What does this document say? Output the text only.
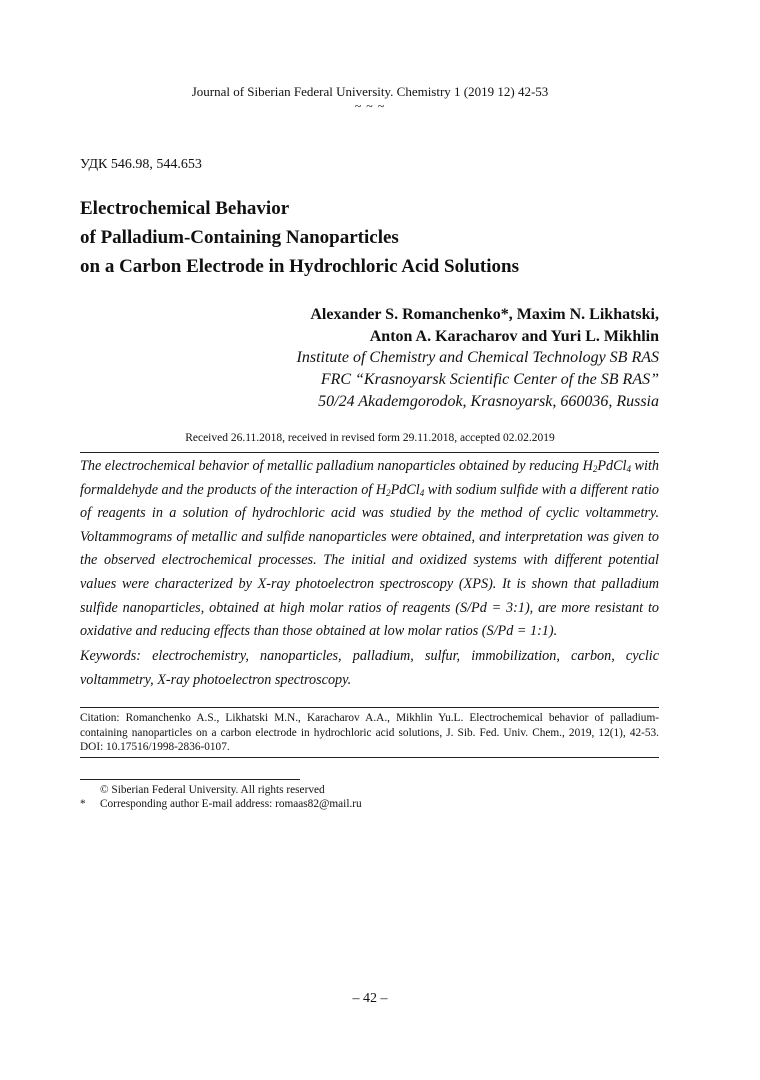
Journal of Siberian Federal University. Chemistry 1 (2019 12) 42-53
~ ~ ~
УДК 546.98, 544.653
Electrochemical Behavior
of Palladium-Containing Nanoparticles
on a Carbon Electrode in Hydrochloric Acid Solutions
Alexander S. Romanchenko*, Maxim N. Likhatski,
Anton A. Karacharov and Yuri L. Mikhlin
Institute of Chemistry and Chemical Technology SB RAS
FRC “Krasnoyarsk Scientific Center of the SB RAS”
50/24 Akademgorodok, Krasnoyarsk, 660036, Russia
Received 26.11.2018, received in revised form 29.11.2018, accepted 02.02.2019
The electrochemical behavior of metallic palladium nanoparticles obtained by reducing $H_2PdCl_4$ with formaldehyde and the products of the interaction of $H_2PdCl_4$ with sodium sulfide with a different ratio of reagents in a solution of hydrochloric acid was studied by the method of cyclic voltammetry. Voltammograms of metallic and sulfide nanoparticles were obtained, and interpretation was given to the observed electrochemical processes. The initial and oxidized systems with different potential values were characterized by X-ray photoelectron spectroscopy (XPS). It is shown that palladium sulfide nanoparticles, obtained at high molar ratios of reagents (S/Pd = 3:1), are more resistant to oxidative and reducing effects than those obtained at low molar ratios (S/Pd = 1:1).
Keywords: electrochemistry, nanoparticles, palladium, sulfur, immobilization, carbon, cyclic voltammetry, X-ray photoelectron spectroscopy.
Citation: Romanchenko A.S., Likhatski M.N., Karacharov A.A., Mikhlin Yu.L. Electrochemical behavior of palladium-containing nanoparticles on a carbon electrode in hydrochloric acid solutions, J. Sib. Fed. Univ. Chem., 2019, 12(1), 42-53. DOI: 10.17516/1998-2836-0107.
© Siberian Federal University. All rights reserved
* Corresponding author E-mail address: romaas82@mail.ru
– 42 –
